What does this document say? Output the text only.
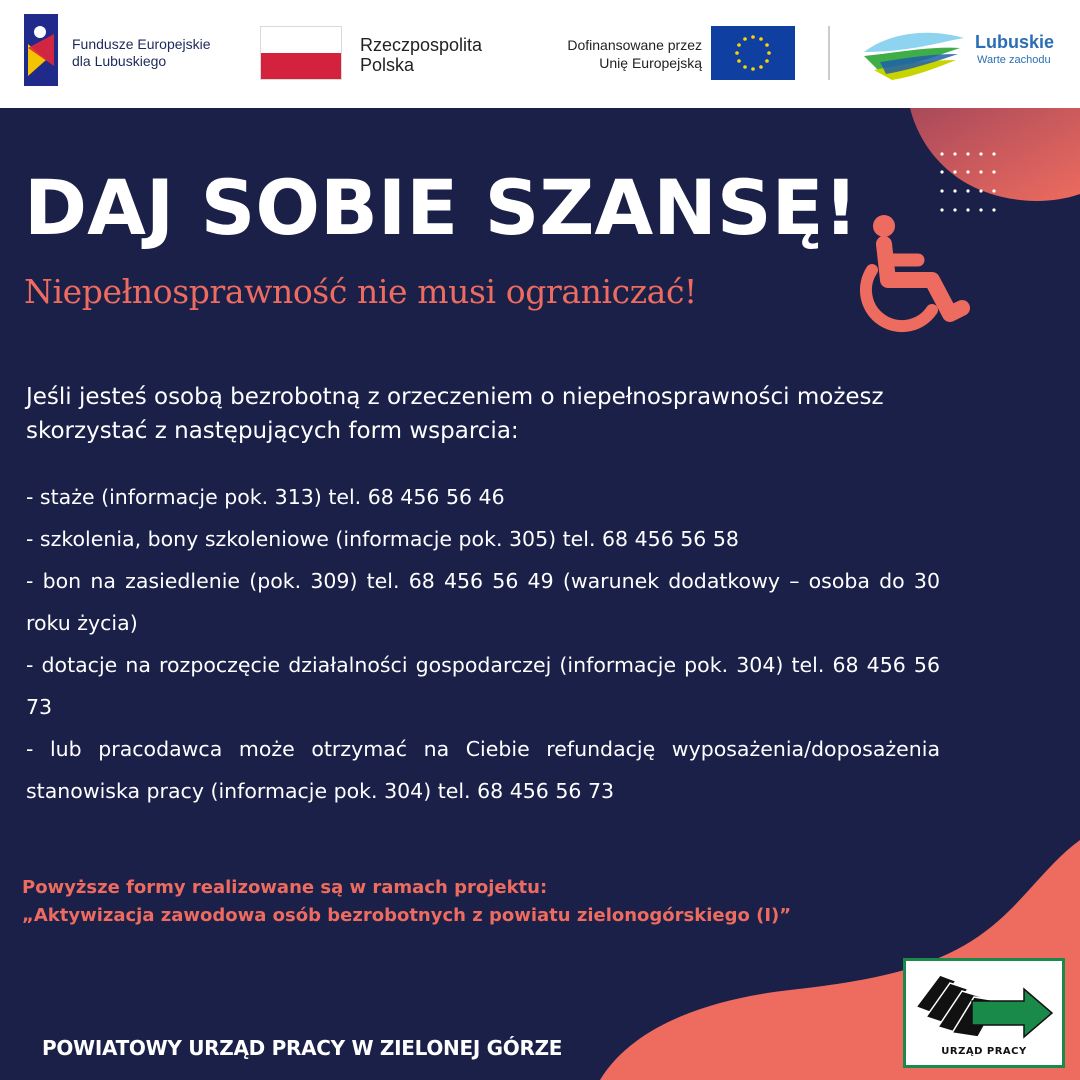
Fundusze Europejskie
dla Lubuskiego
Rzeczpospolita
Polska
Dofinansowane przez
Unię Europejską
Lubuskie
Warte zachodu
DAJ SOBIE SZANSĘ!
Niepełnosprawność nie musi ograniczać!
Jeśli jesteś osobą bezrobotną z orzeczeniem o niepełnosprawności możesz skorzystać z następujących form wsparcia:
- staże (informacje pok. 313) tel. 68 456 56 46
- szkolenia, bony szkoleniowe (informacje pok. 305) tel. 68 456 56 58
- bon na zasiedlenie (pok. 309) tel. 68 456 56 49 (warunek dodatkowy – osoba do 30 roku życia)
- dotacje na rozpoczęcie działalności gospodarczej (informacje pok. 304) tel. 68 456 56 73
- lub pracodawca może otrzymać na Ciebie refundację wyposażenia/doposażenia stanowiska pracy (informacje pok. 304) tel. 68 456 56 73
Powyższe formy realizowane są w ramach projektu:
„Aktywizacja zawodowa osób bezrobotnych z powiatu zielonogórskiego (I)”
POWIATOWY URZĄD PRACY W ZIELONEJ GÓRZE	URZĄD PRACY
